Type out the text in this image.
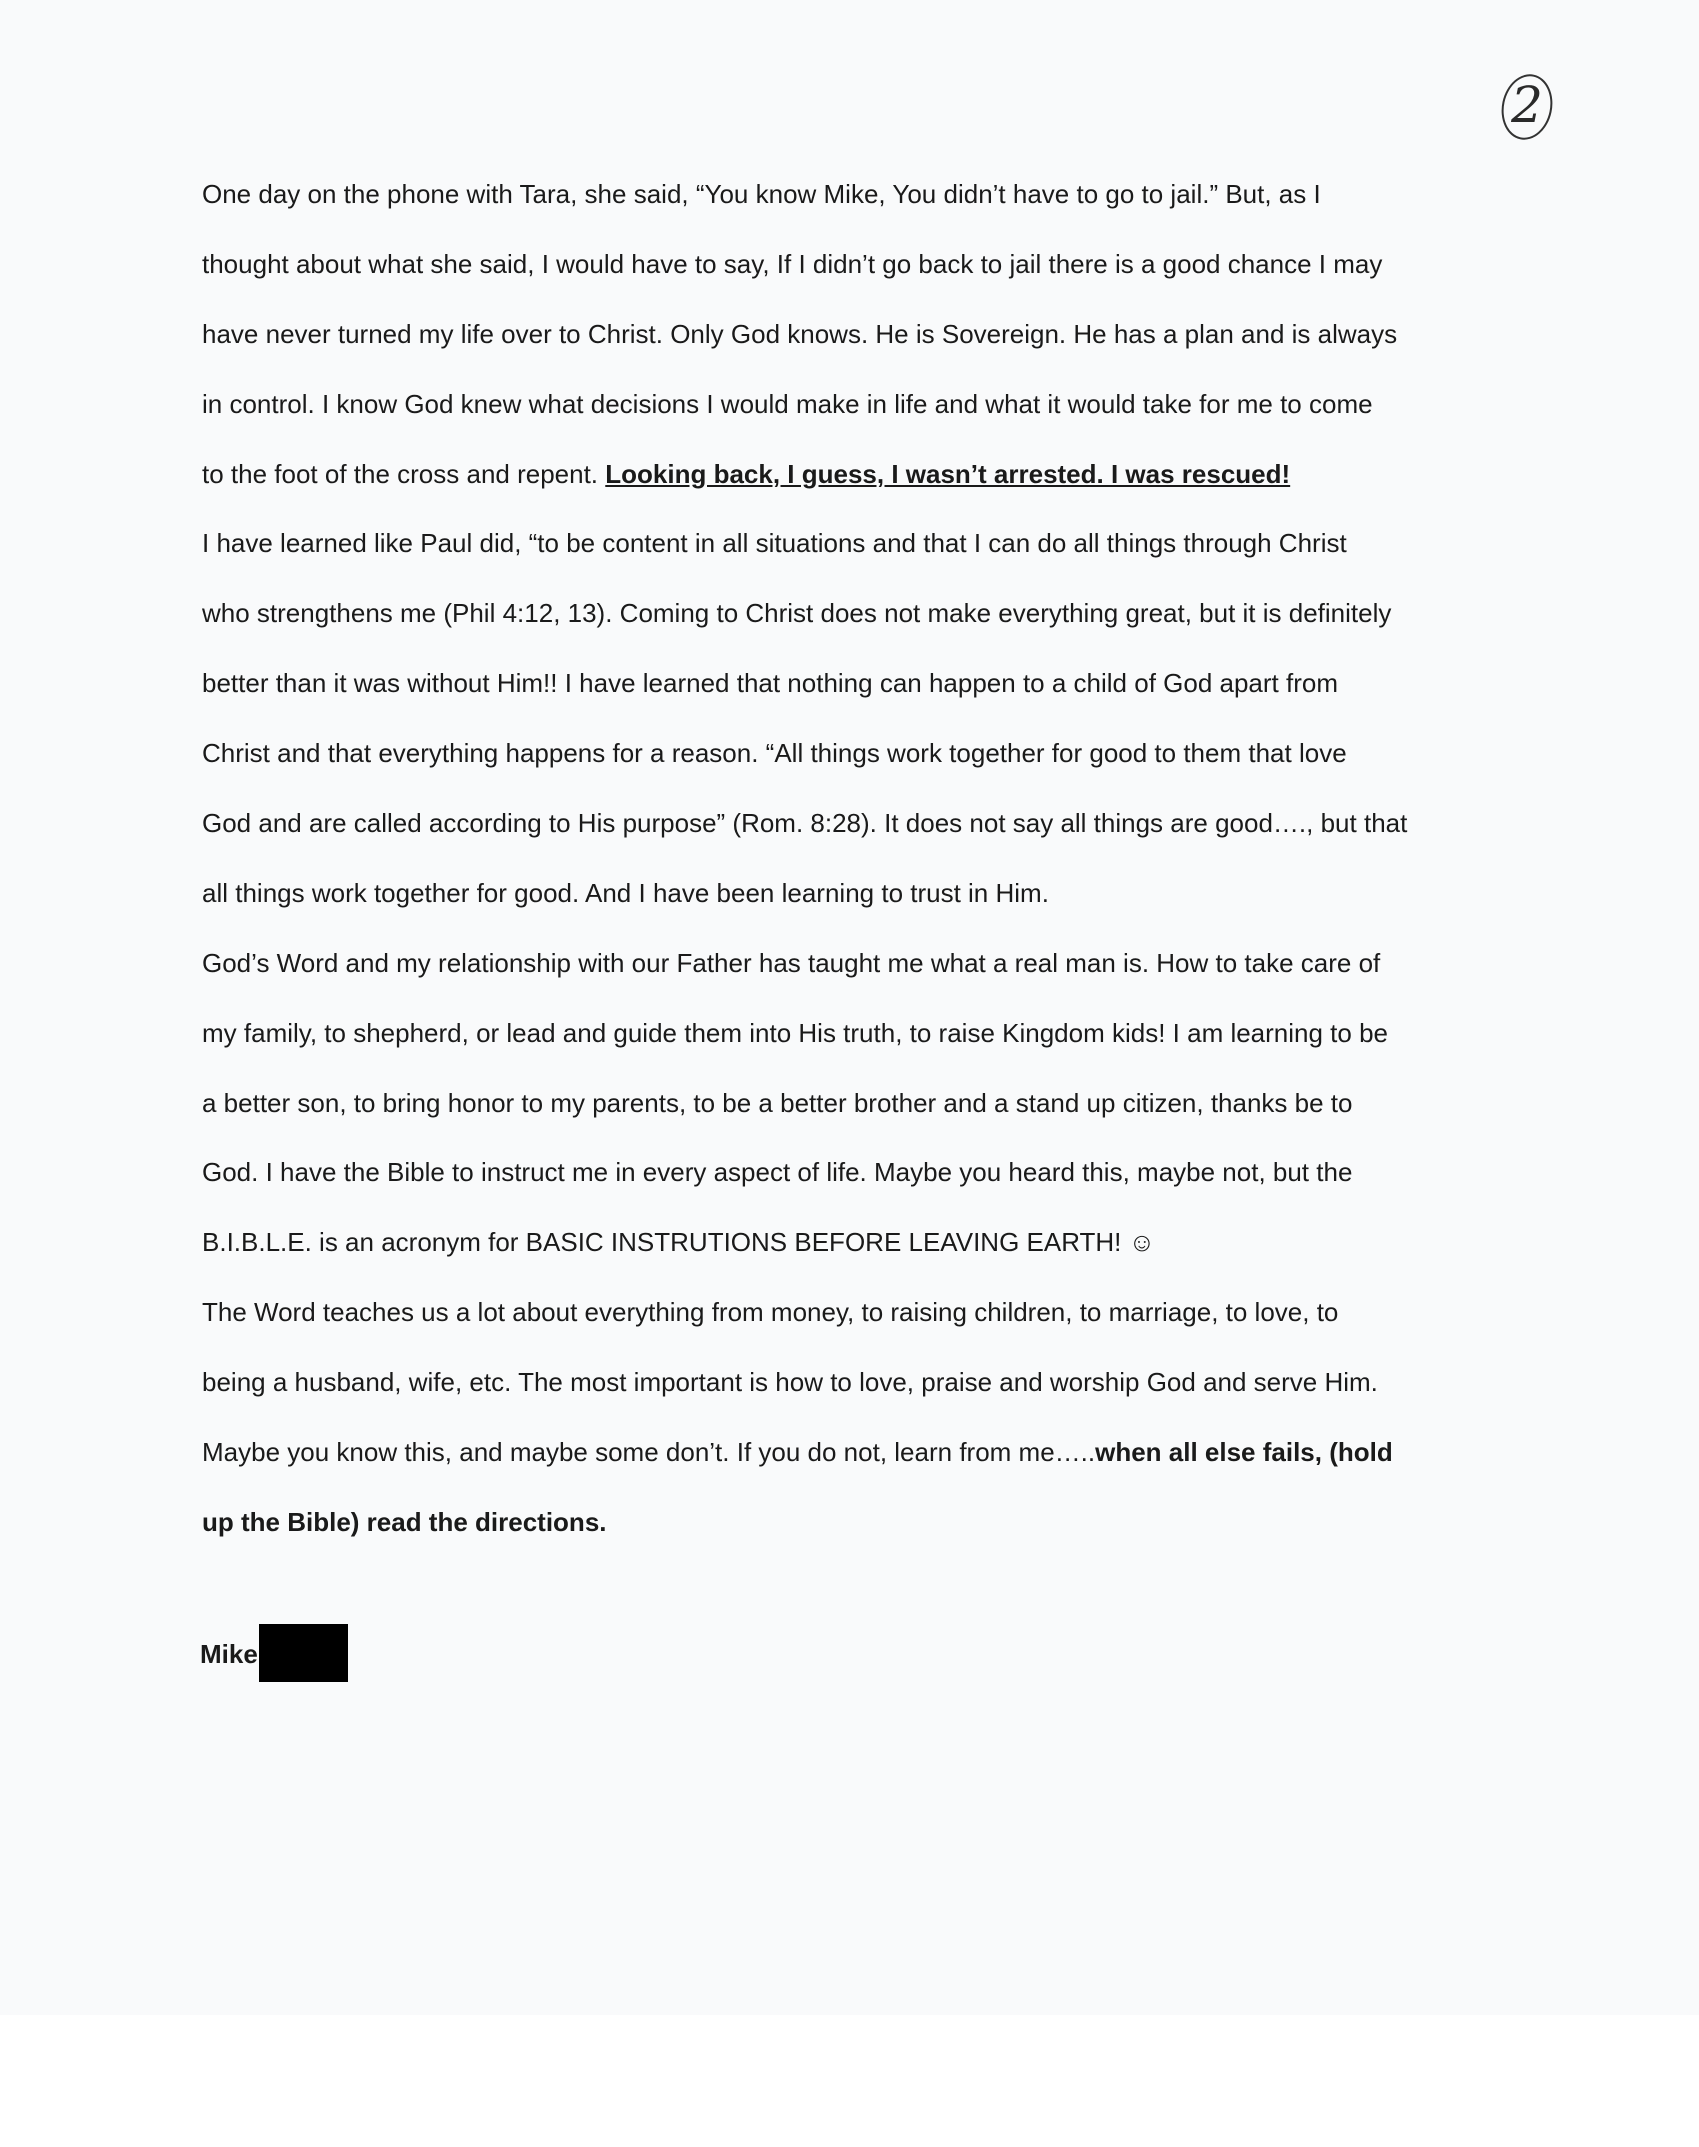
2
One day on the phone with Tara, she said, “You know Mike, You didn’t have to go to jail.” But, as I
thought about what she said, I would have to say, If I didn’t go back to jail there is a good chance I may
have never turned my life over to Christ. Only God knows. He is Sovereign. He has a plan and is always
in control. I know God knew what decisions I would make in life and what it would take for me to come
to the foot of the cross and repent. Looking back, I guess, I wasn’t arrested. I was rescued!
I have learned like Paul did, “to be content in all situations and that I can do all things through Christ
who strengthens me (Phil 4:12, 13). Coming to Christ does not make everything great, but it is definitely
better than it was without Him!! I have learned that nothing can happen to a child of God apart from
Christ and that everything happens for a reason. “All things work together for good to them that love
God and are called according to His purpose” (Rom. 8:28). It does not say all things are good…., but that
all things work together for good. And I have been learning to trust in Him.
God’s Word and my relationship with our Father has taught me what a real man is. How to take care of
my family, to shepherd, or lead and guide them into His truth, to raise Kingdom kids! I am learning to be
a better son, to bring honor to my parents, to be a better brother and a stand up citizen, thanks be to
God. I have the Bible to instruct me in every aspect of life. Maybe you heard this, maybe not, but the
B.I.B.L.E. is an acronym for BASIC INSTRUTIONS BEFORE LEAVING EARTH! ☺
The Word teaches us a lot about everything from money, to raising children, to marriage, to love, to
being a husband, wife, etc. The most important is how to love, praise and worship God and serve Him.
Maybe you know this, and maybe some don’t. If you do not, learn from me…..when all else fails, (hold
up the Bible) read the directions.
Mike
